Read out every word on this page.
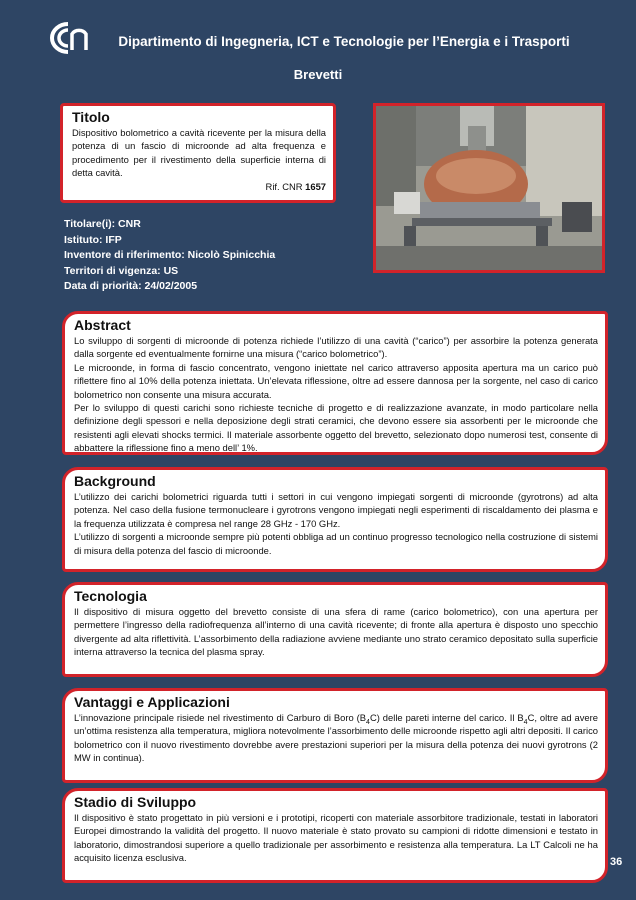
Dipartimento di Ingegneria, ICT e Tecnologie per l’Energia e i Trasporti
Brevetti
Titolo

Dispositivo bolometrico a cavità ricevente per la misura della potenza di un fascio di microonde ad alta frequenza e procedimento per il rivestimento della superficie interna di detta cavità.

Rif. CNR 1657
Titolare(i): CNR
Istituto: IFP
Inventore di riferimento: Nicolò Spinicchia
Territori di vigenza: US
Data di priorità: 24/02/2005
Abstract

Lo sviluppo di sorgenti di microonde di potenza richiede l’utilizzo di una cavità (“carico”) per assorbire la potenza generata dalla sorgente ed eventualmente fornirne una misura (“carico bolometrico”).

Le microonde, in forma di fascio concentrato, vengono iniettate nel carico attraverso apposita apertura ma un carico può riflettere fino al 10% della potenza iniettata. Un’elevata riflessione, oltre ad essere dannosa per la sorgente, nel caso di carico bolometrico non consente una misura accurata.

Per lo sviluppo di questi carichi sono richieste tecniche di progetto e di realizzazione avanzate, in modo particolare nella definizione degli spessori e nella deposizione degli strati ceramici, che devono essere sia assorbenti per le microonde che resistenti agli elevati shocks termici. Il materiale assorbente oggetto del brevetto, selezionato dopo numerosi test, consente di abbattere la riflessione fino a meno dell’ 1%.

Background

L’utilizzo dei carichi bolometrici riguarda tutti i settori in cui vengono impiegati sorgenti di microonde (gyrotrons) ad alta potenza. Nel caso della fusione termonucleare i gyrotrons vengono impiegati negli esperimenti di riscaldamento dei plasma e la frequenza utilizzata è compresa nel range 28 GHz - 170 GHz.

L’utilizzo di sorgenti a microonde sempre più potenti obbliga ad un continuo progresso tecnologico nella costruzione di sistemi di misura della potenza del fascio di microonde.

Tecnologia

Il dispositivo di misura oggetto del brevetto consiste di una sfera di rame (carico bolometrico), con una apertura per permettere l’ingresso della radiofrequenza all’interno di una cavità ricevente; di fronte alla apertura è disposto uno specchio divergente ad alta riflettività. L’assorbimento della radiazione avviene mediante uno strato ceramico depositato sulla superficie interna attraverso la tecnica del plasma spray.

Vantaggi e Applicazioni

L’innovazione principale risiede nel rivestimento di Carburo di Boro $(B_4C)$ delle pareti interne del carico. Il $B_4C$, oltre ad avere un’ottima resistenza alla temperatura, migliora notevolmente l’assorbimento delle microonde rispetto agli altri depositi. Il carico bolometrico con il nuovo rivestimento dovrebbe avere prestazioni superiori per la misura della potenza dei nuovi gyrotrons (2 MW in continua).

Stadio di Sviluppo

Il dispositivo è stato progettato in più versioni e i prototipi, ricoperti con materiale assorbitore tradizionale, testati in laboratori Europei dimostrando la validità del progetto. Il nuovo materiale è stato provato su campioni di ridotte dimensioni e testato in laboratorio, dimostrandosi superiore a quello tradizionale per assorbimento e resistenza alla temperatura. La LT Calcoli ne ha acquisito licenza esclusiva.	36
